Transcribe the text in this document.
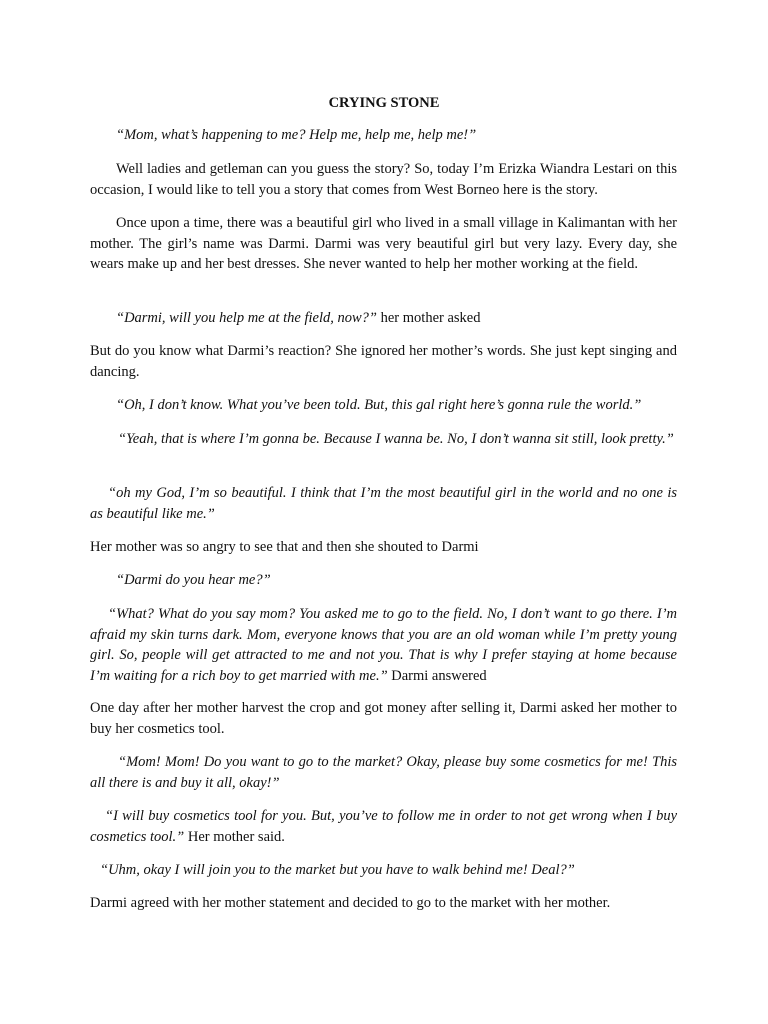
CRYING STONE

“Mom, what’s happening to me? Help me, help me, help me!”

Well ladies and getleman can you guess the story? So, today I’m Erizka Wiandra Lestari on this occasion, I would like to tell you a story that comes from West Borneo here is the story.

Once upon a time, there was a beautiful girl who lived in a small village in Kalimantan with her mother. The girl’s name was Darmi. Darmi was very beautiful girl but very lazy. Every day, she wears make up and her best dresses. She never wanted to help her mother working at the field.

“Darmi, will you help me at the field, now?” her mother asked

But do you know what Darmi’s reaction? She ignored her mother’s words. She just kept singing and dancing.

“Oh, I don’t know. What you’ve been told. But, this gal right here’s gonna rule the world.”

“Yeah, that is where I’m gonna be. Because I wanna be. No, I don’t wanna sit still, look pretty.”

“oh my God, I’m so beautiful. I think that I’m the most beautiful girl in the world and no one is as beautiful like me.”

Her mother was so angry to see that and then she shouted to Darmi

“Darmi do you hear me?”

“What? What do you say mom? You asked me to go to the field. No, I don’t want to go there. I’m afraid my skin turns dark. Mom, everyone knows that you are an old woman while I’m pretty young girl. So, people will get attracted to me and not you. That is why I prefer staying at home because I’m waiting for a rich boy to get married with me.” Darmi answered

One day after her mother harvest the crop and got money after selling it, Darmi asked her mother to buy her cosmetics tool.

“Mom! Mom! Do you want to go to the market? Okay, please buy some cosmetics for me! This all there is and buy it all, okay!”

“I will buy cosmetics tool for you. But, you’ve to follow me in order to not get wrong when I buy cosmetics tool.” Her mother said.

“Uhm, okay I will join you to the market but you have to walk behind me! Deal?”

Darmi agreed with her mother statement and decided to go to the market with her mother.
